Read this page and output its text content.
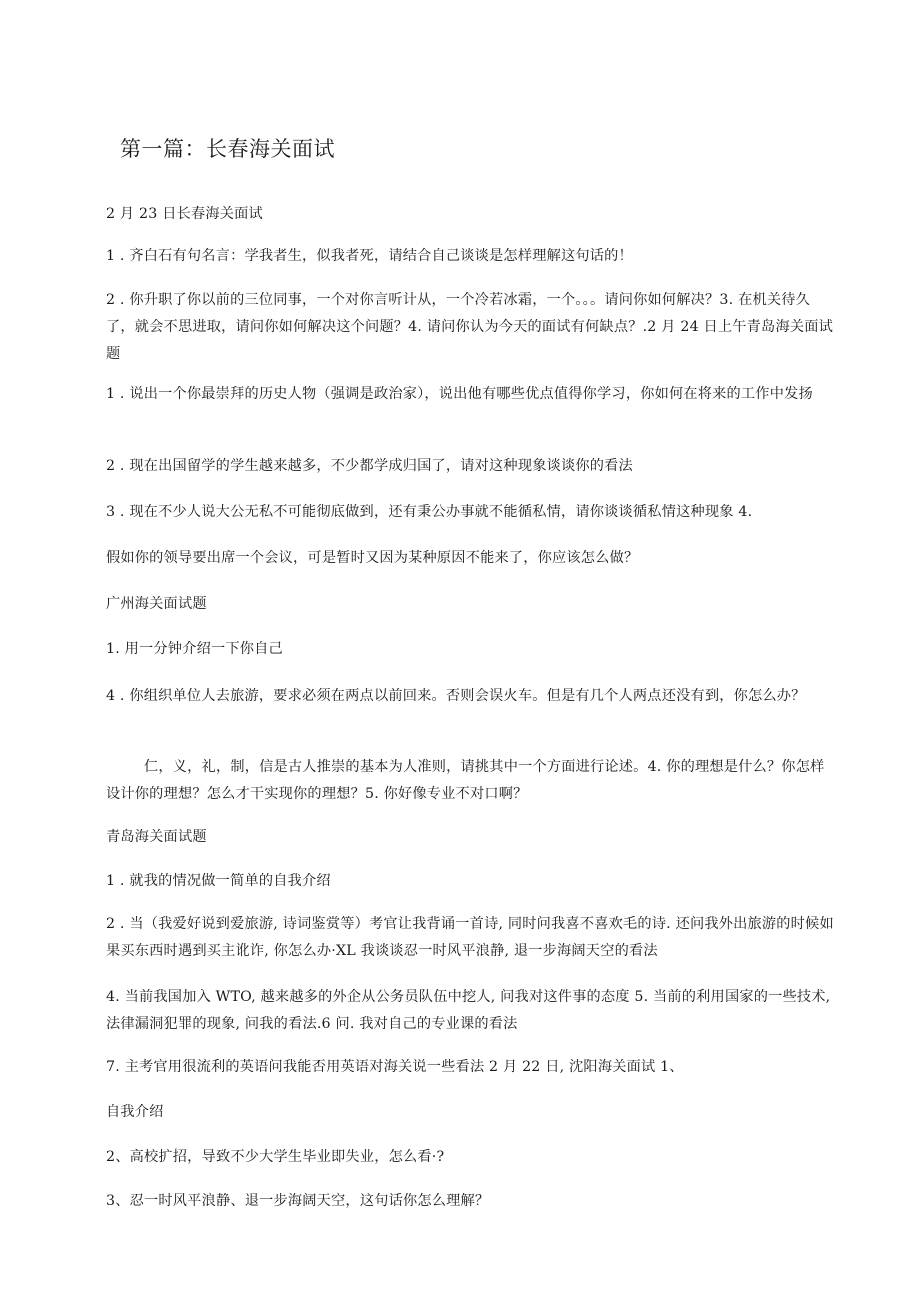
第一篇：长春海关面试

2 月 23 日长春海关面试

1 . 齐白石有句名言：学我者生，似我者死，请结合自己谈谈是怎样理解这句话的！

2 . 你升职了你以前的三位同事，一个对你言听计从，一个冷若冰霜，一个。。。请问你如何解决？3. 在机关待久了，就会不思进取，请问你如何解决这个问题？4. 请问你认为今天的面试有何缺点？.2 月 24 日上午青岛海关面试题

1 . 说出一个你最崇拜的历史人物（强调是政治家），说出他有哪些优点值得你学习，你如何在将来的工作中发扬

2 . 现在出国留学的学生越来越多，不少都学成归国了，请对这种现象谈谈你的看法

3 . 现在不少人说大公无私不可能彻底做到，还有秉公办事就不能循私情，请你谈谈循私情这种现象 4.

假如你的领导要出席一个会议，可是暂时又因为某种原因不能来了，你应该怎么做？

广州海关面试题

1. 用一分钟介绍一下你自己

4 . 你组织单位人去旅游，要求必须在两点以前回来。否则会误火车。但是有几个人两点还没有到，你怎么办？

仁，义，礼，制，信是古人推崇的基本为人准则，请挑其中一个方面进行论述。4. 你的理想是什么？你怎样设计你的理想？怎么才干实现你的理想？5. 你好像专业不对口啊？

青岛海关面试题

1 . 就我的情况做一简单的自我介绍

2 . 当（我爱好说到爱旅游, 诗词鉴赏等）考官让我背诵一首诗, 同时问我喜不喜欢毛的诗. 还问我外出旅游的时候如果买东西时遇到买主讹诈, 你怎么办·XL 我谈谈忍一时风平浪静, 退一步海阔天空的看法

4. 当前我国加入 WTO, 越来越多的外企从公务员队伍中挖人, 问我对这件事的态度 5. 当前的利用国家的一些技术, 法律漏洞犯罪的现象, 问我的看法.6 问. 我对自己的专业课的看法

7. 主考官用很流利的英语问我能否用英语对海关说一些看法 2 月 22 日, 沈阳海关面试 1、

自我介绍

2、高校扩招，导致不少大学生毕业即失业，怎么看·?

3、忍一时风平浪静、退一步海阔天空，这句话你怎么理解？
